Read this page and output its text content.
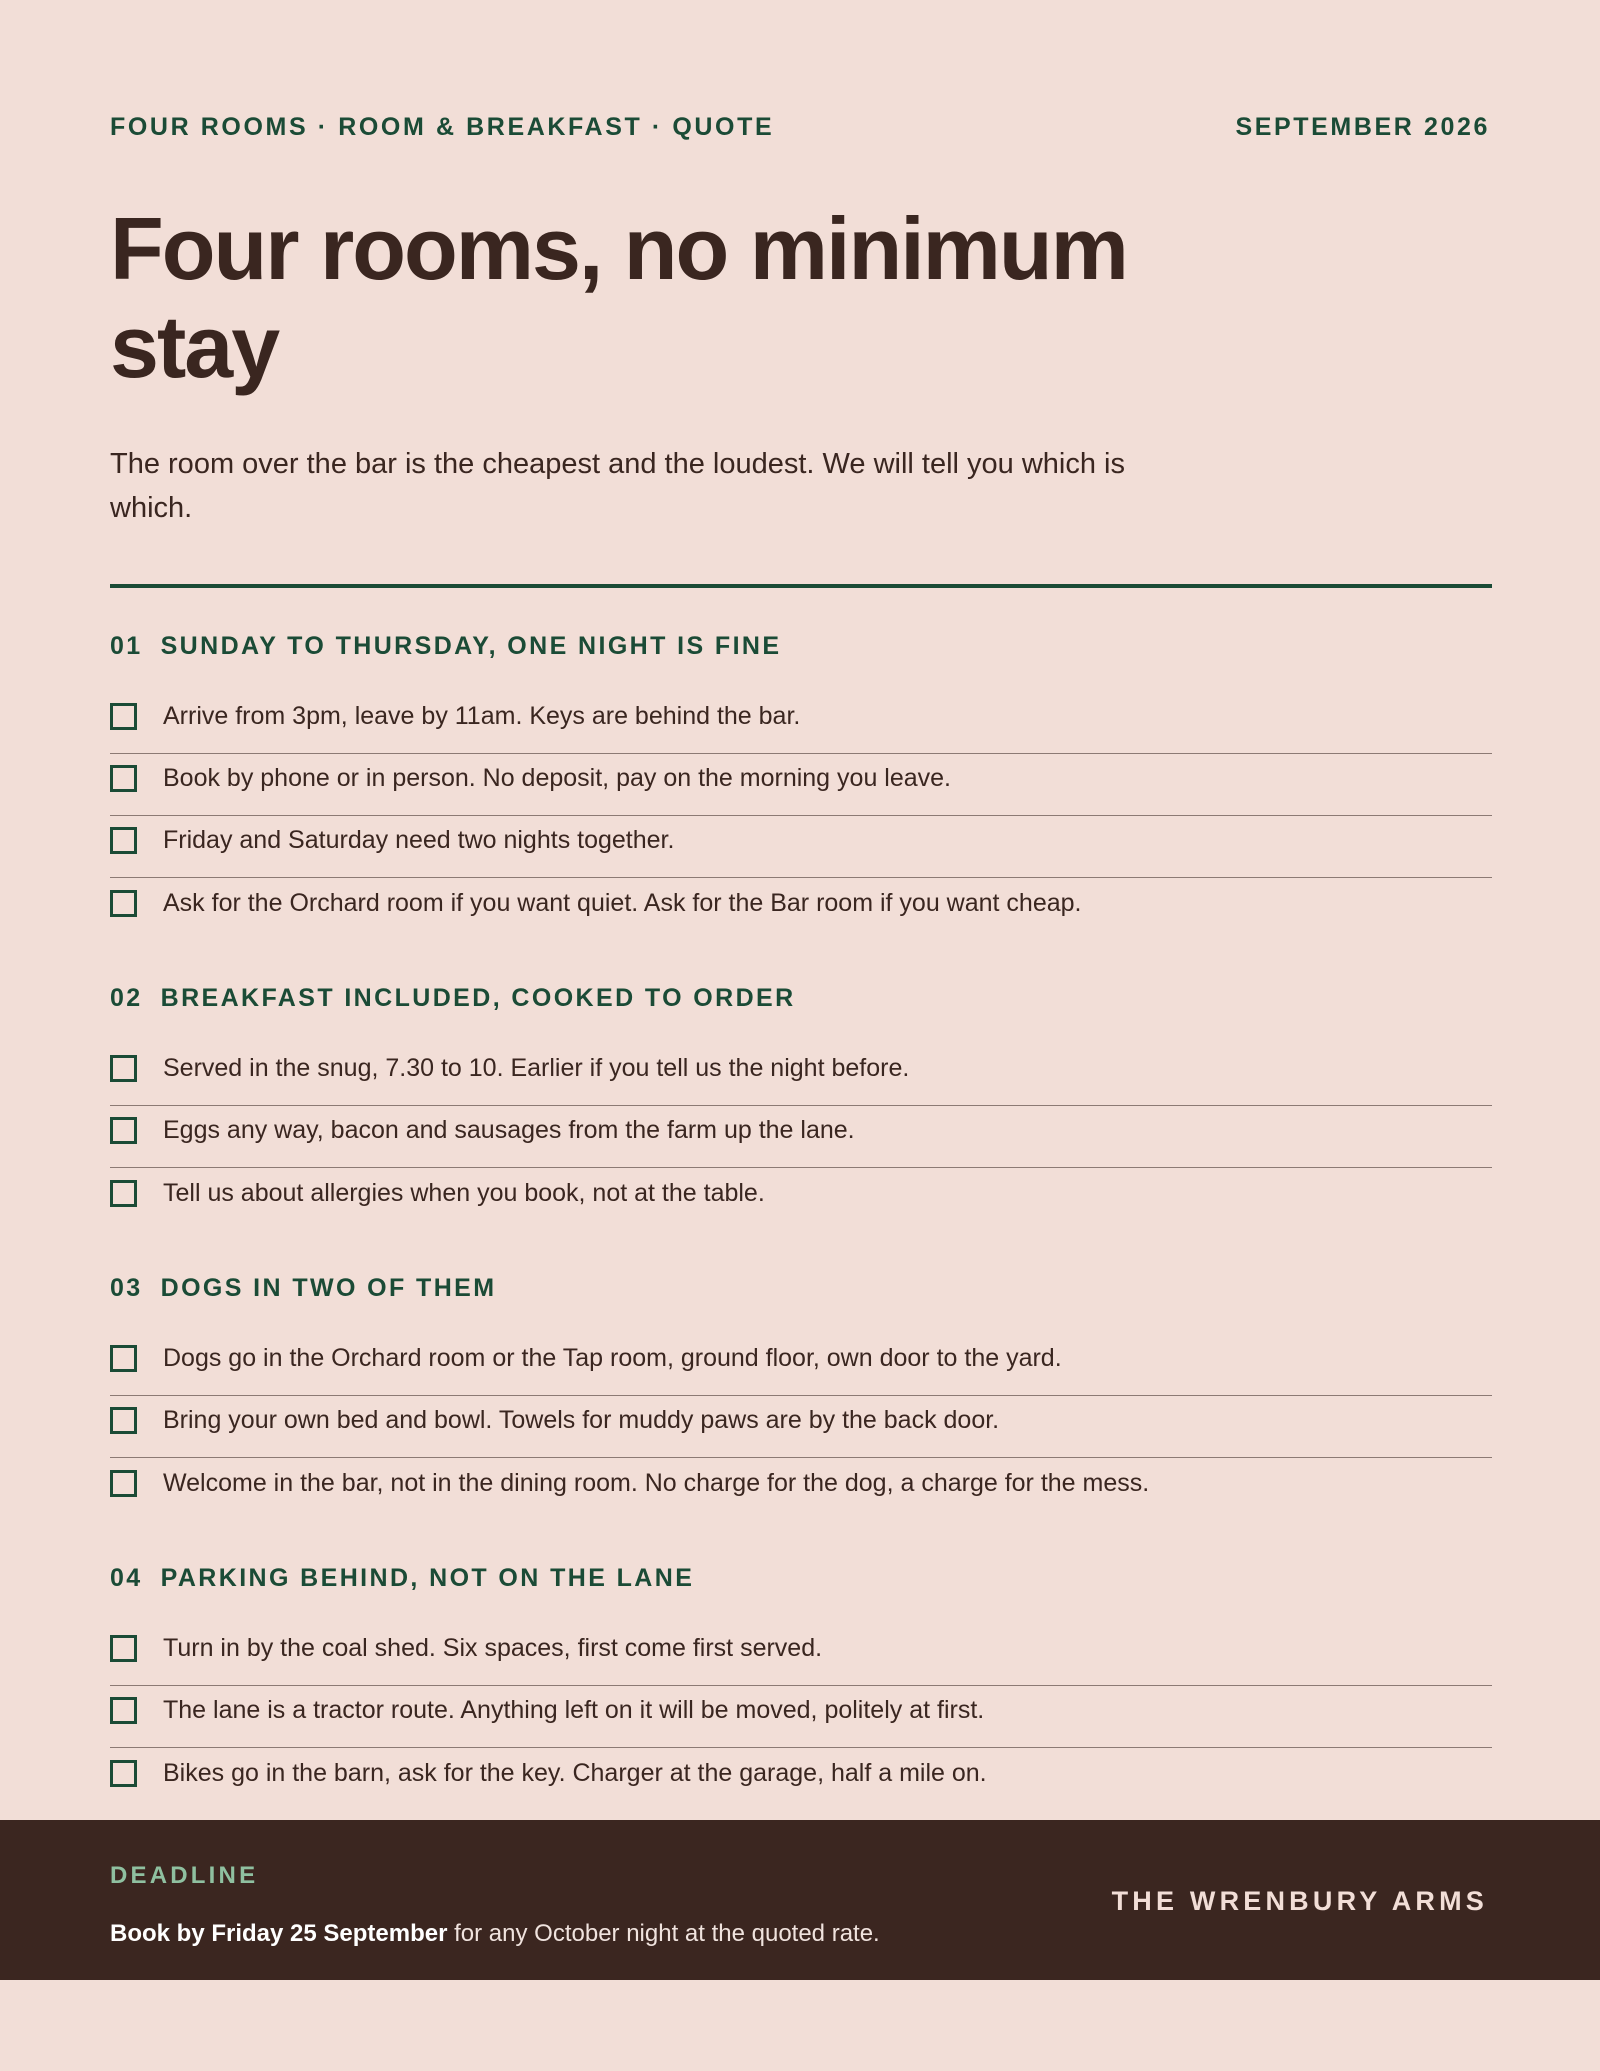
FOUR ROOMS · ROOM & BREAKFAST · QUOTE	SEPTEMBER 2026
Four rooms, no minimum stay

The room over the bar is the cheapest and the loudest. We will tell you which is which.

01 SUNDAY TO THURSDAY, ONE NIGHT IS FINE
Arrive from 3pm, leave by 11am. Keys are behind the bar.
Book by phone or in person. No deposit, pay on the morning you leave.
Friday and Saturday need two nights together.
Ask for the Orchard room if you want quiet. Ask for the Bar room if you want cheap.
02 BREAKFAST INCLUDED, COOKED TO ORDER
Served in the snug, 7.30 to 10. Earlier if you tell us the night before.
Eggs any way, bacon and sausages from the farm up the lane.
Tell us about allergies when you book, not at the table.
03 DOGS IN TWO OF THEM
Dogs go in the Orchard room or the Tap room, ground floor, own door to the yard.
Bring your own bed and bowl. Towels for muddy paws are by the back door.
Welcome in the bar, not in the dining room. No charge for the dog, a charge for the mess.
04 PARKING BEHIND, NOT ON THE LANE
Turn in by the coal shed. Six spaces, first come first served.
The lane is a tractor route. Anything left on it will be moved, politely at first.
Bikes go in the barn, ask for the key. Charger at the garage, half a mile on.
DEADLINE
Book by Friday 25 September for any October night at the quoted rate.
THE WRENBURY ARMS
